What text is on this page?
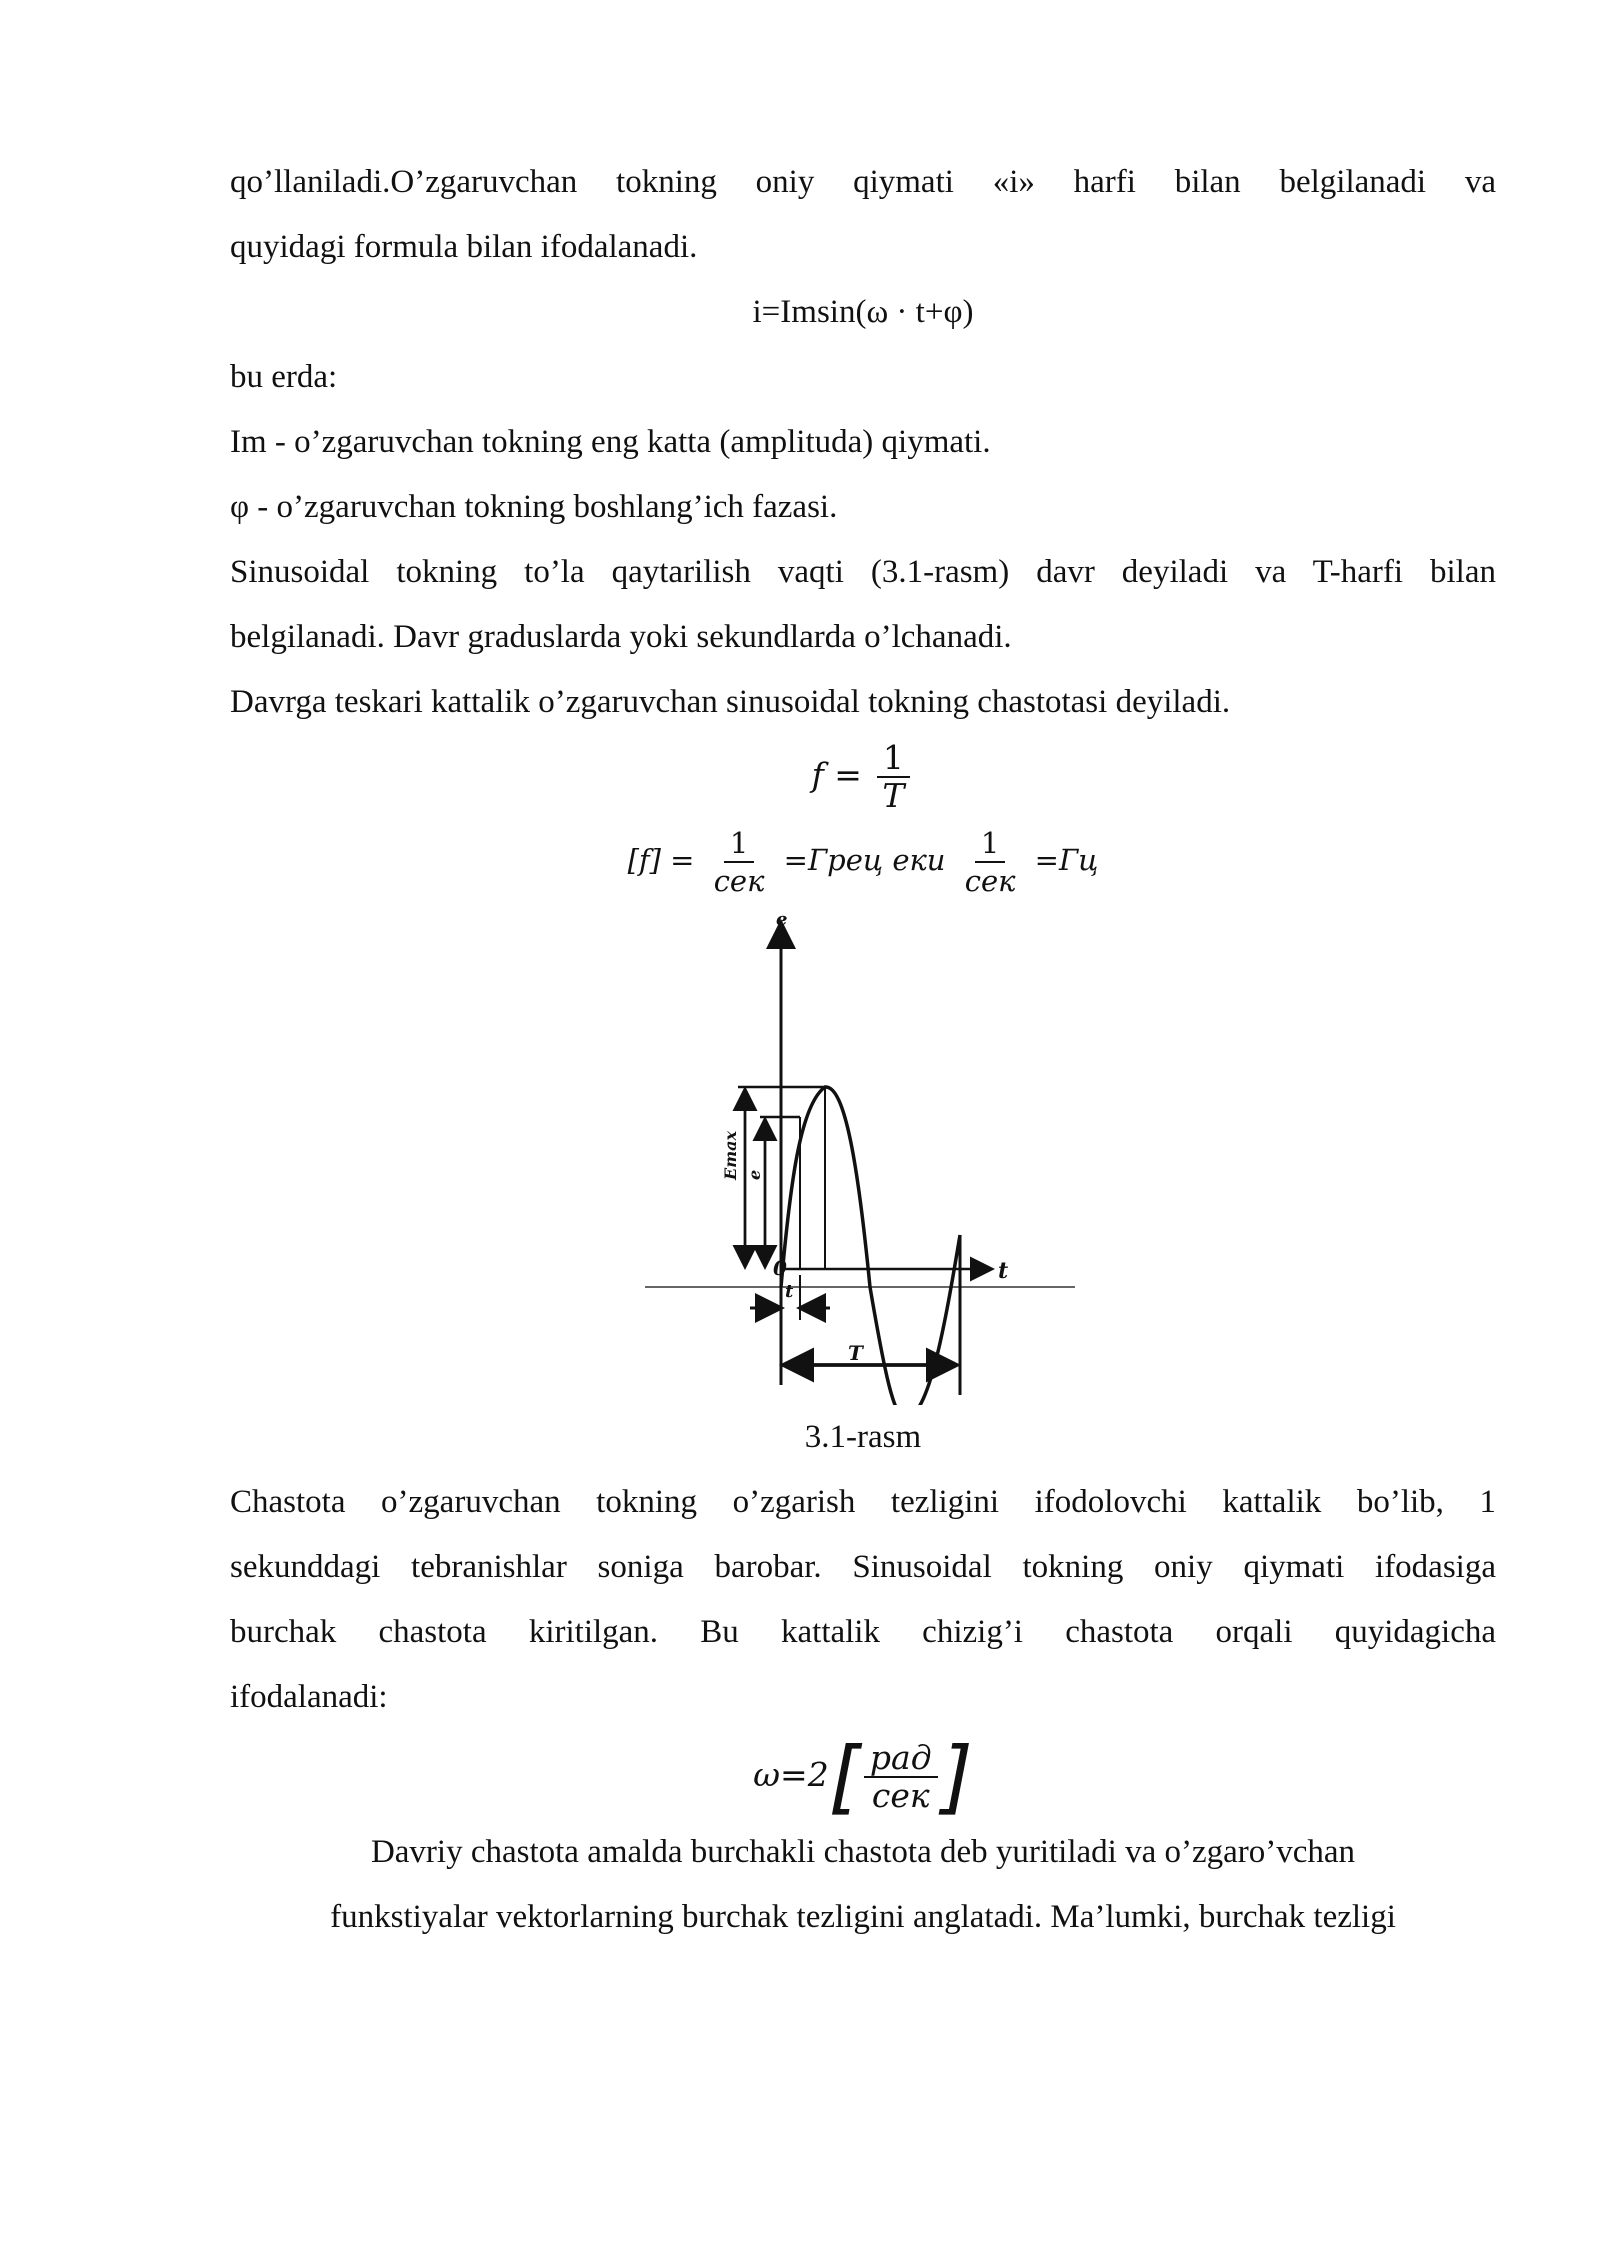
qo’llaniladi.O’zgaruvchan tokning oniy qiymati «i» harfi bilan belgilanadi va

quyidagi formula bilan ifodalanadi.

i=Imsin(ω · t+φ)

bu erda:

Im - o’zgaruvchan tokning eng katta (amplituda) qiymati.

φ - o’zgaruvchan tokning boshlang’ich fazasi.

Sinusoidal tokning to’la qaytarilish vaqti (3.1-rasm) davr deyiladi va T-harfi bilan

belgilanadi. Davr graduslarda yoki sekundlarda o’lchanadi.

Davrga teskari kattalik o’zgaruvchan sinusoidal tokning chastotasi deyiladi.

$f = \frac{1}{T}$
$[f] = \frac{1}{\text{сек}}$ =Грец еки $\frac{1}{\text{сек}} =Гц$
e
0	t
t
T
Emax e

3.1-rasm

Chastota o’zgaruvchan tokning o’zgarish tezligini ifodolovchi kattalik bo’lib, 1

sekunddagi tebranishlar soniga barobar. Sinusoidal tokning oniy qiymati ifodasiga

burchak chastota kiritilgan. Bu kattalik chizig’i chastota orqali quyidagicha

ifodalanadi:

$\omega=2[ \frac{\text{рад}}{\text{сек}}$ ]

Davriy chastota amalda burchakli chastota deb yuritiladi va o’zgaro’vchan

funkstiyalar vektorlarning burchak tezligini anglatadi. Ma’lumki, burchak tezligi
